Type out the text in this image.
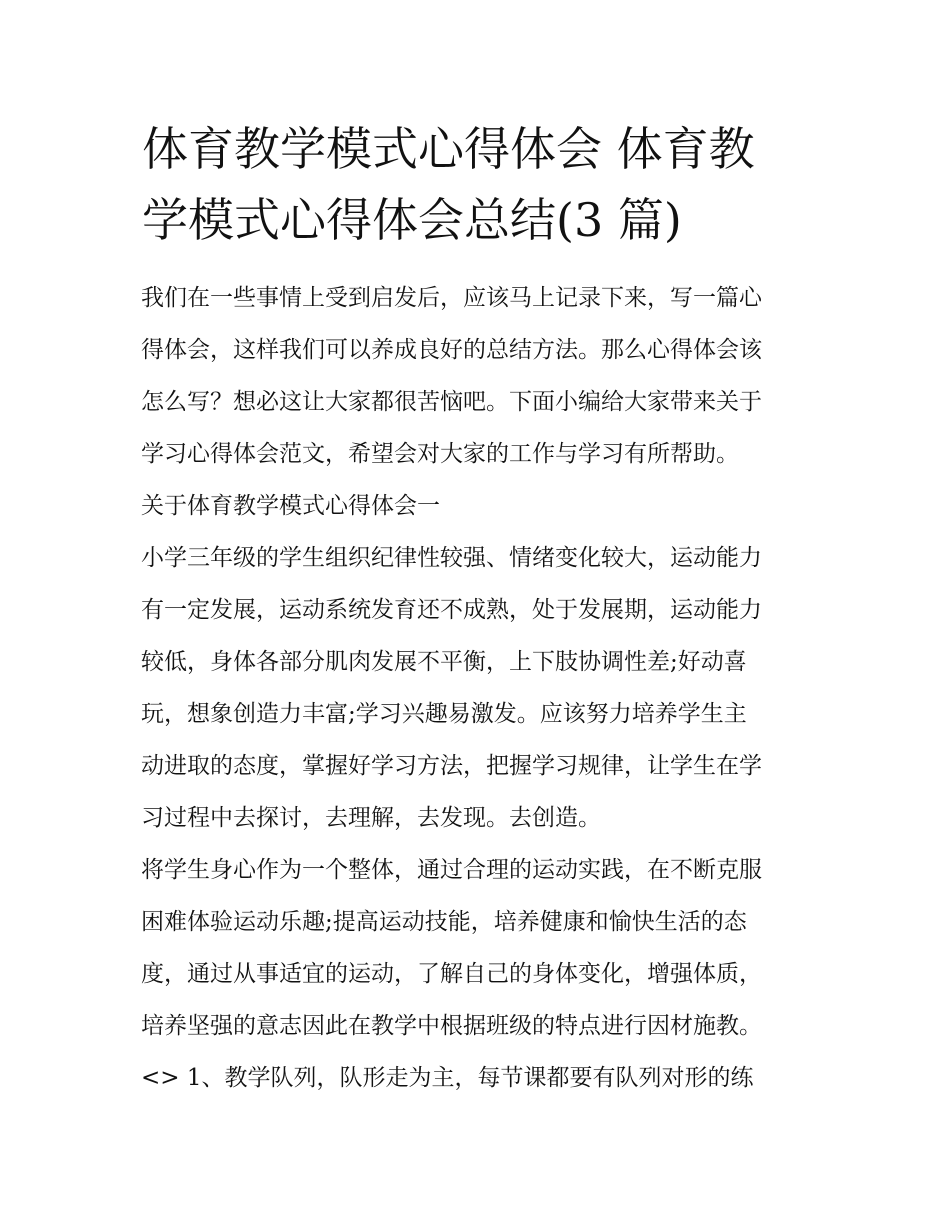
体育教学模式心得体会 体育教
学模式心得体会总结(3 篇)
我们在一些事情上受到启发后，应该马上记录下来，写一篇心
得体会，这样我们可以养成良好的总结方法。那么心得体会该
怎么写？想必这让大家都很苦恼吧。下面小编给大家带来关于
学习心得体会范文，希望会对大家的工作与学习有所帮助。
关于体育教学模式心得体会一
小学三年级的学生组织纪律性较强、情绪变化较大，运动能力
有一定发展，运动系统发育还不成熟，处于发展期，运动能力
较低，身体各部分肌肉发展不平衡，上下肢协调性差;好动喜
玩，想象创造力丰富;学习兴趣易激发。应该努力培养学生主
动进取的态度，掌握好学习方法，把握学习规律，让学生在学
习过程中去探讨，去理解，去发现。去创造。
将学生身心作为一个整体，通过合理的运动实践，在不断克服
困难体验运动乐趣;提高运动技能，培养健康和愉快生活的态
度，通过从事适宜的运动，了解自己的身体变化，增强体质，
培养坚强的意志因此在教学中根据班级的特点进行因材施教。
<> 1、教学队列，队形走为主，每节课都要有队列对形的练
